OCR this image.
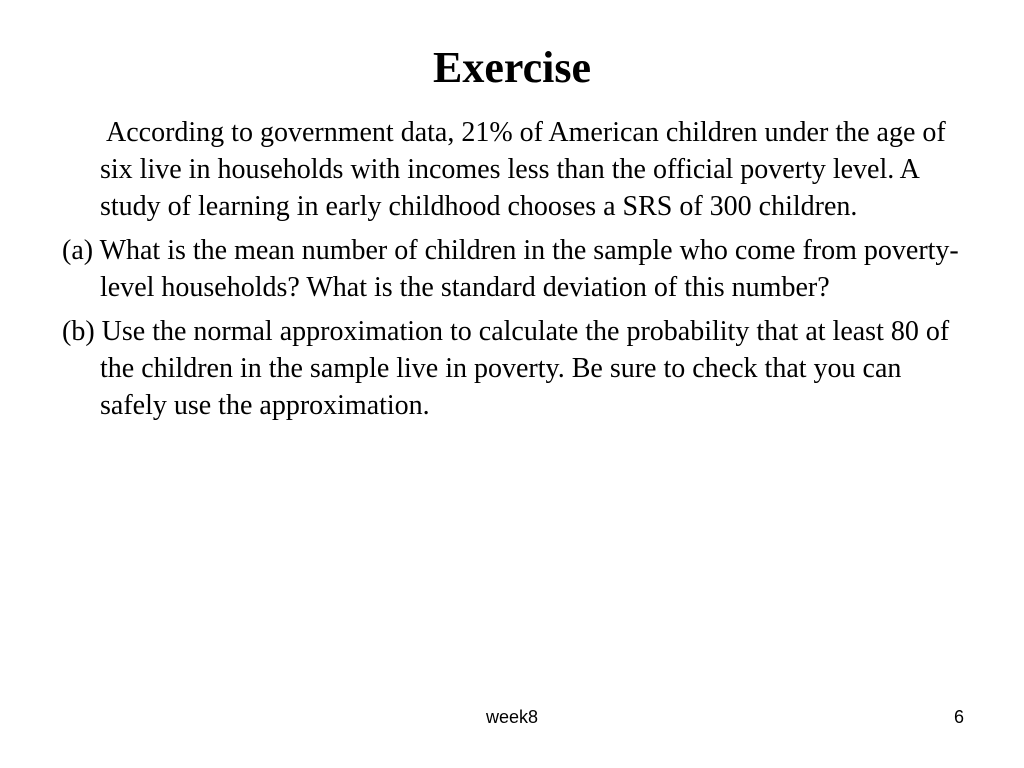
Exercise

According to government data, 21% of American children under the age of six live in households with incomes less than the official poverty level. A study of learning in early childhood chooses a SRS of 300 children.

(a) What is the mean number of children in the sample who come from poverty-level households? What is the standard deviation of this number?

(b) Use the normal approximation to calculate the probability that at least 80 of the children in the sample live in poverty. Be sure to check that you can safely use the approximation.

week8	6
